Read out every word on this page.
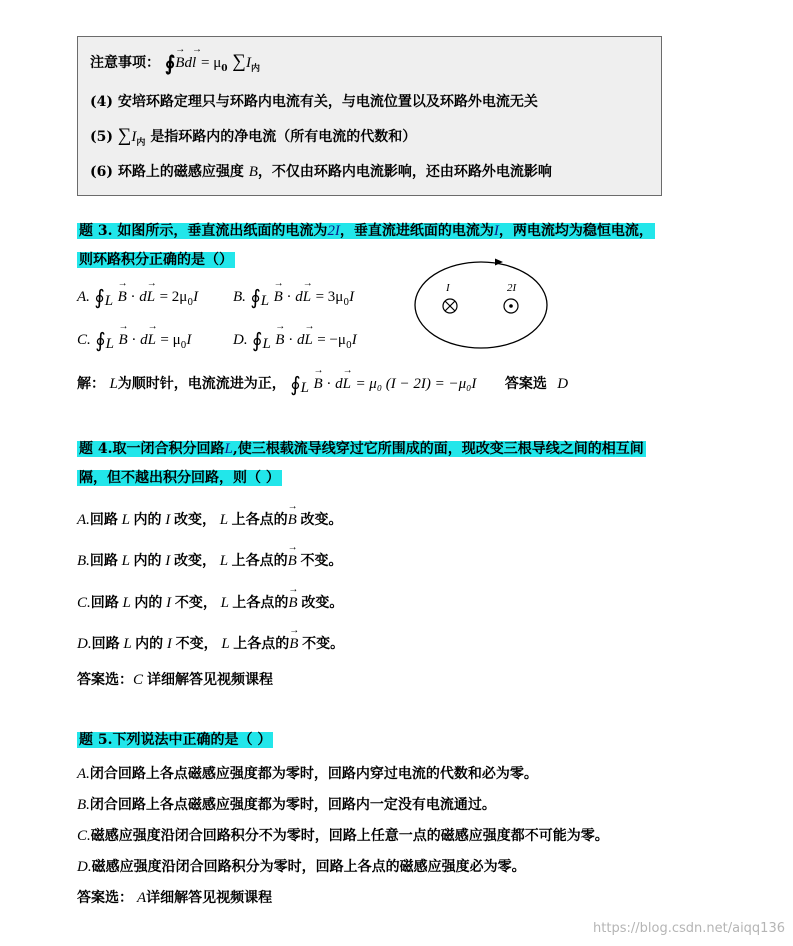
注意事项： ∮→ $Bd\to l = \mu_0$ $\sum I_内$
(4) 安培环路定理只与环路内电流有关，与电流位置以及环路外电流无关
(5) $\sum I_内$ 是指环路内的净电流（所有电流的代数和）
(6) 环路上的磁感应强度 B，不仅由环路内电流影响，还由环路外电流影响
题 3. 如图所示，垂直流出纸面的电流为2I，垂直流进纸面的电流为I，两电流均为稳恒电流，
则环路积分正确的是（）
A. $∮_L \to B \cdot d\to L = 2\mu_0I$ B. $∮_L \to B \cdot d\to L = 3\mu_0I$
C. $∮_L \to B \cdot d\to L = \mu_0I$	D. $∮_L \to B \cdot d\to L = -\mu_0I$
I	2I
解： L为顺时针，电流流进为正， $∮_L \to B \cdot d\to L = \mu_0$ (I − 2I) = −μ₀I 答案选 D
题 4.取一闭合积分回路L,使三根载流导线穿过它所围成的面，现改变三根导线之间的相互间
隔，但不越出积分回路，则（ ）
A.回路 L 内的 I 改变， L 上各点的→ B 改变。
B.回路 L 内的 I 改变， L 上各点的→ B 不变。
C.回路 L 内的 I 不变， L 上各点的→ B 改变。
D.回路 L 内的 I 不变， L 上各点的→ B 不变。
答案选：C 详细解答见视频课程
题 5.下列说法中正确的是（ ）
A.闭合回路上各点磁感应强度都为零时，回路内穿过电流的代数和必为零。
B.闭合回路上各点磁感应强度都为零时，回路内一定没有电流通过。
C.磁感应强度沿闭合回路积分不为零时，回路上任意一点的磁感应强度都不可能为零。
D.磁感应强度沿闭合回路积分为零时，回路上各点的磁感应强度必为零。
答案选： A详细解答见视频课程
https://blog.csdn.net/aiqq136
